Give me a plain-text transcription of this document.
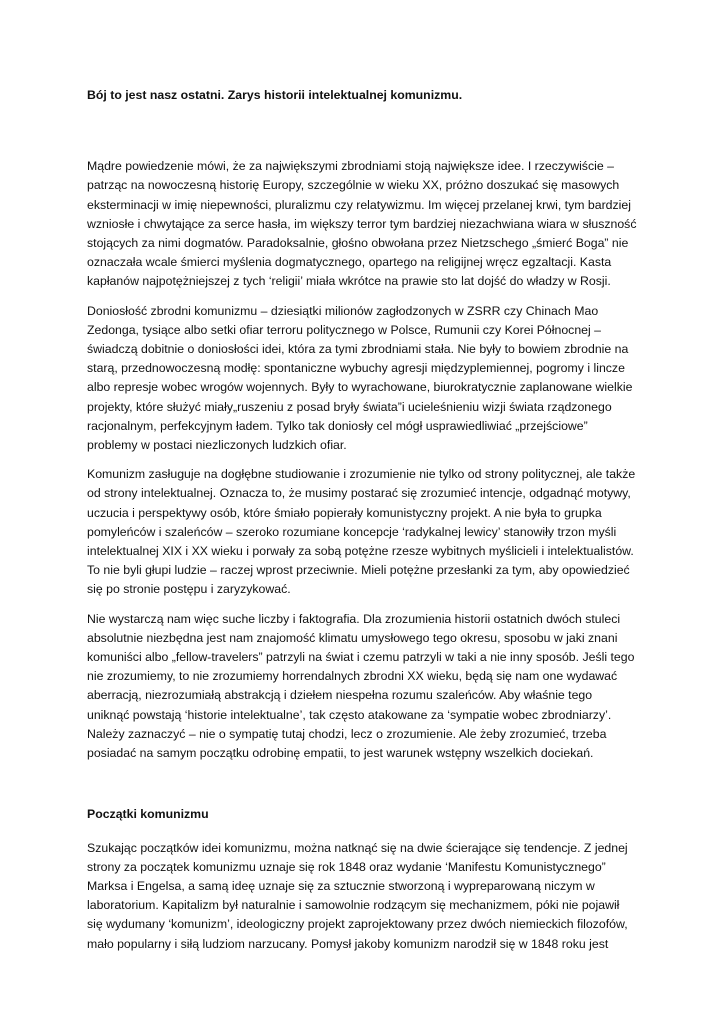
Bój to jest nasz ostatni. Zarys historii intelektualnej komunizmu.

Mądre powiedzenie mówi, że za największymi zbrodniami stoją największe idee. I rzeczywiście – patrząc na nowoczesną historię Europy, szczególnie w wieku XX, próżno doszukać się masowych eksterminacji w imię niepewności, pluralizmu czy relatywizmu. Im więcej przelanej krwi, tym bardziej wzniosłe i chwytające za serce hasła, im większy terror tym bardziej niezachwiana wiara w słuszność stojących za nimi dogmatów. Paradoksalnie, głośno obwołana przez Nietzschego „śmierć Boga” nie oznaczała wcale śmierci myślenia dogmatycznego, opartego na religijnej wręcz egzaltacji. Kasta kapłanów najpotężniejszej z tych ‘religii’ miała wkrótce na prawie sto lat dojść do władzy w Rosji.

Doniosłość zbrodni komunizmu – dziesiątki milionów zagłodzonych w ZSRR czy Chinach Mao Zedonga, tysiące albo setki ofiar terroru politycznego w Polsce, Rumunii czy Korei Północnej – świadczą dobitnie o doniosłości idei, która za tymi zbrodniami stała. Nie były to bowiem zbrodnie na starą, przednowoczesną modłę: spontaniczne wybuchy agresji międzyplemiennej, pogromy i lincze albo represje wobec wrogów wojennych. Były to wyrachowane, biurokratycznie zaplanowane wielkie projekty, które służyć miały„ruszeniu z posad bryły świata”i ucieleśnieniu wizji świata rządzonego racjonalnym, perfekcyjnym ładem. Tylko tak doniosły cel mógł usprawiedliwiać „przejściowe” problemy w postaci niezliczonych ludzkich ofiar.

Komunizm zasługuje na dogłębne studiowanie i zrozumienie nie tylko od strony politycznej, ale także od strony intelektualnej. Oznacza to, że musimy postarać się zrozumieć intencje, odgadnąć motywy, uczucia i perspektywy osób, które śmiało popierały komunistyczny projekt. A nie była to grupka pomyleńców i szaleńców – szeroko rozumiane koncepcje ‘radykalnej lewicy’ stanowiły trzon myśli intelektualnej XIX i XX wieku i porwały za sobą potężne rzesze wybitnych myślicieli i intelektualistów. To nie byli głupi ludzie – raczej wprost przeciwnie. Mieli potężne przesłanki za tym, aby opowiedzieć się po stronie postępu i zaryzykować.

Nie wystarczą nam więc suche liczby i faktografia. Dla zrozumienia historii ostatnich dwóch stuleci absolutnie niezbędna jest nam znajomość klimatu umysłowego tego okresu, sposobu w jaki znani komuniści albo „fellow-travelers” patrzyli na świat i czemu patrzyli w taki a nie inny sposób. Jeśli tego nie zrozumiemy, to nie zrozumiemy horrendalnych zbrodni XX wieku, będą się nam one wydawać aberracją, niezrozumiałą abstrakcją i dziełem niespełna rozumu szaleńców. Aby właśnie tego uniknąć powstają ‘historie intelektualne’, tak często atakowane za ‘sympatie wobec zbrodniarzy’. Należy zaznaczyć – nie o sympatię tutaj chodzi, lecz o zrozumienie. Ale żeby zrozumieć, trzeba posiadać na samym początku odrobinę empatii, to jest warunek wstępny wszelkich dociekań.

Początki komunizmu

Szukając początków idei komunizmu, można natknąć się na dwie ścierające się tendencje. Z jednej strony za początek komunizmu uznaje się rok 1848 oraz wydanie ‘Manifestu Komunistycznego” Marksa i Engelsa, a samą ideę uznaje się za sztucznie stworzoną i wypreparowaną niczym w laboratorium. Kapitalizm był naturalnie i samowolnie rodzącym się mechanizmem, póki nie pojawił się wydumany ‘komunizm’, ideologiczny projekt zaprojektowany przez dwóch niemieckich filozofów, mało popularny i siłą ludziom narzucany. Pomysł jakoby komunizm narodził się w 1848 roku jest
